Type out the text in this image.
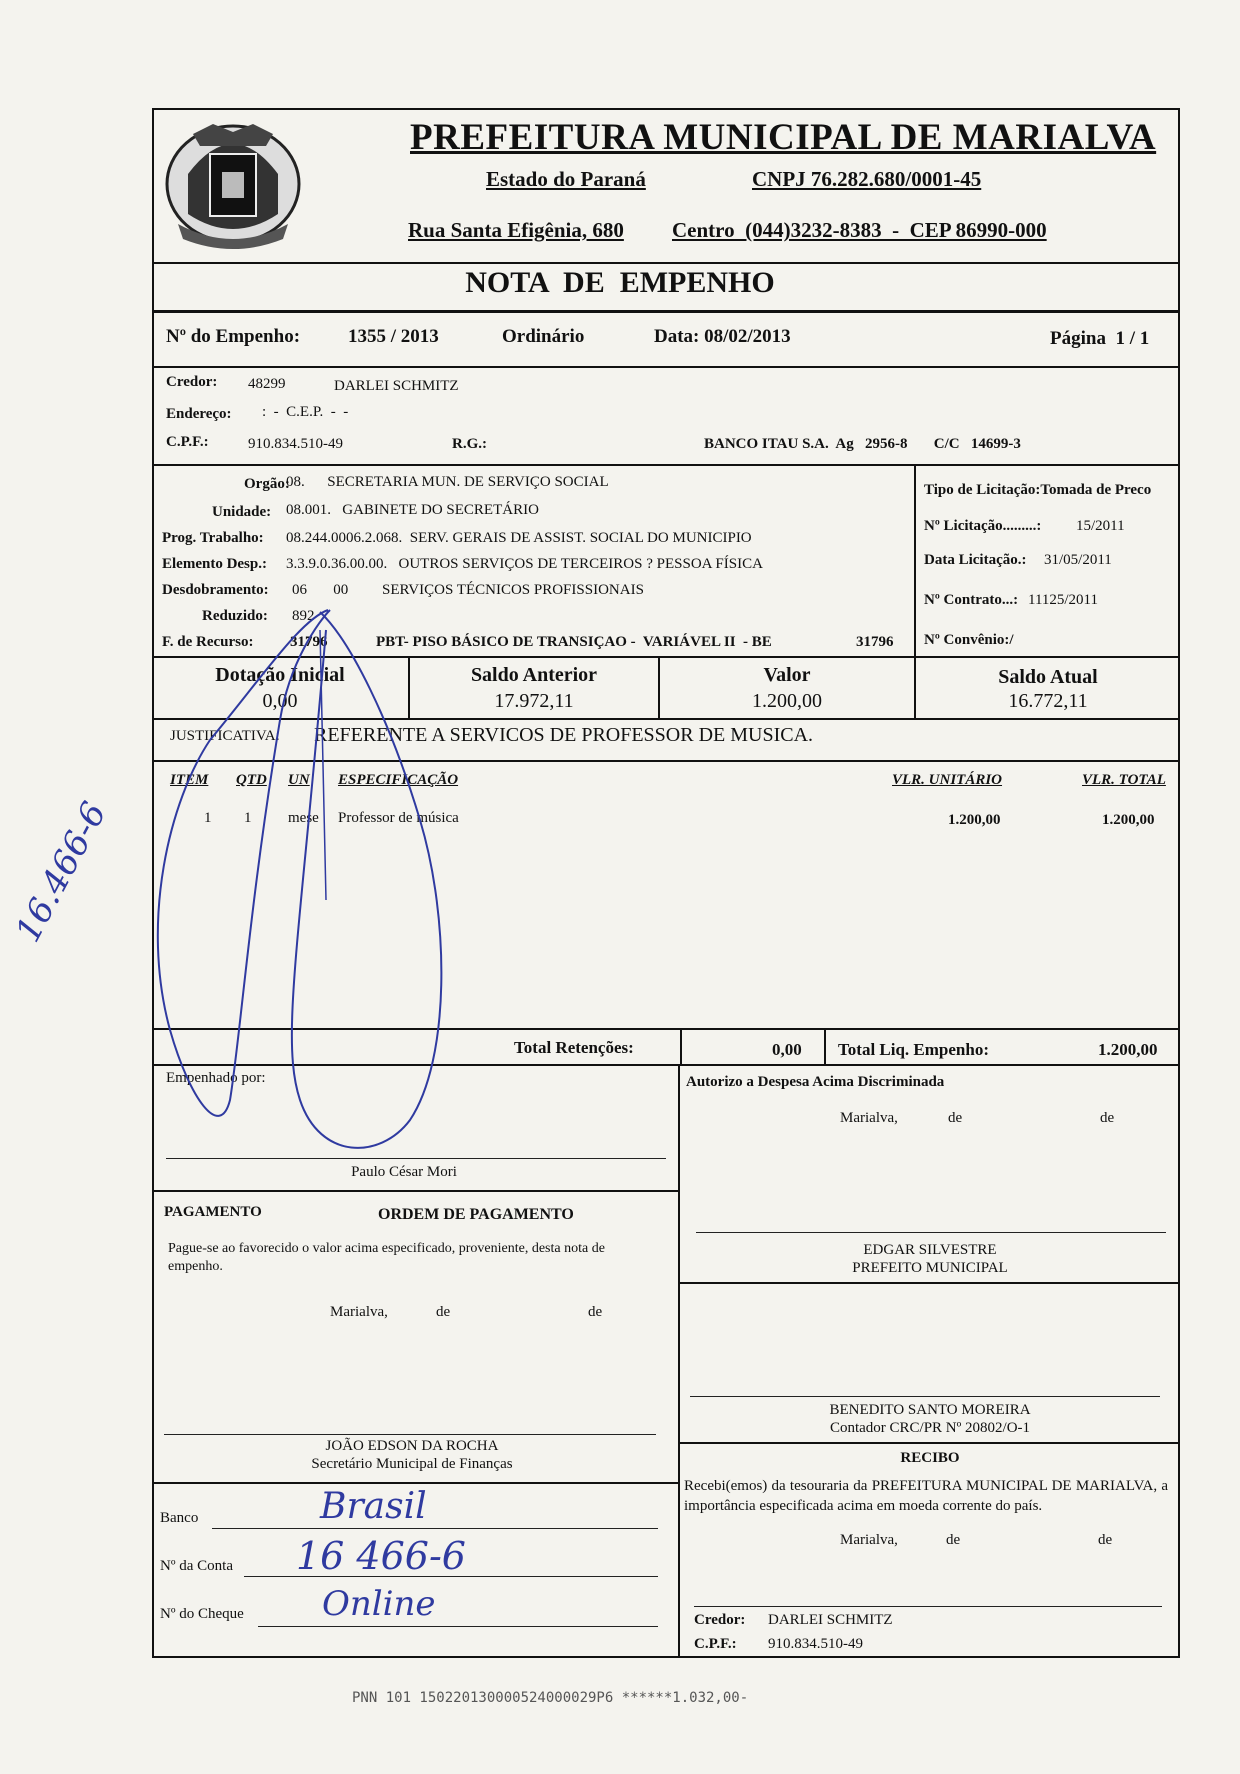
PREFEITURA MUNICIPAL DE MARIALVA
Estado do Paraná	CNPJ 76.282.680/0001-45
Rua Santa Efigênia, 680 Centro  (044)3232-8383  -  CEP 86990-000
NOTA  DE  EMPENHO
Nº do Empenho:	1355 / 2013	Ordinário	Data: 08/02/2013	Página  1 / 1
Credor: 48299	DARLEI SCHMITZ
Endereço: :  -  C.E.P.  -  -
C.P.F.:	910.834.510-49	R.G.:	BANCO ITAU S.A.  Ag   2956-8       C/C   14699-3
Orgão:
08.      SECRETARIA MUN. DE SERVIÇO SOCIAL
Unidade: 08.001.   GABINETE DO SECRETÁRIO
Prog. Trabalho: 08.244.0006.2.068.  SERV. GERAIS DE ASSIST. SOCIAL DO MUNICIPIO
Elemento Desp.: 3.3.9.0.36.00.00.   OUTROS SERVIÇOS DE TERCEIROS ? PESSOA FÍSICA
Desdobramento: 06       00         SERVIÇOS TÉCNICOS PROFISSIONAIS
Reduzido: 892
F. de Recurso: 31796	PBT- PISO BÁSICO DE TRANSIÇAO -  VARIÁVEL II  - BE	31796
Tipo de Licitação:Tomada de Preco
Nº Licitação.........: 15/2011
Data Licitação.: 31/05/2011
Nº Contrato...: 11125/2011
Nº Convênio:/
Dotação Inicial
0,00
Saldo Anterior
17.972,11
Valor
1.200,00
Saldo Atual
16.772,11
JUSTIFICATIVA: REFERENTE A SERVICOS DE PROFESSOR DE MUSICA.
ITEM QTD UN ESPECIFICAÇÃO	VLR. UNITÁRIO	VLR. TOTAL
1 1 mese Professor de música	1.200,00	1.200,00
Total Retenções:	0,00 Total Liq. Empenho:	1.200,00
Empenhado por:
Paulo César Mori
Autorizo a Despesa Acima Discriminada
Marialva,	de	de
PAGAMENTO	ORDEM DE PAGAMENTO
Pague-se ao favorecido o valor acima especificado, proveniente, desta nota de empenho.
Marialva,	de	de
JOÃO EDSON DA ROCHA
Secretário Municipal de Finanças
EDGAR SILVESTRE
PREFEITO MUNICIPAL
BENEDITO SANTO MOREIRA
Contador CRC/PR Nº 20802/O-1
RECIBO
Recebi(emos) da tesouraria da PREFEITURA MUNICIPAL DE MARIALVA, a importância especificada acima em moeda corrente do país.
Marialva,	de	de
Credor: DARLEI SCHMITZ
C.P.F.: 910.834.510-49
Banco	Brasil
Nº da Conta 16 466-6
Nº do Cheque Online
16.466-6
PNN 101 150220130000524000029P6 ******1.032,00-
